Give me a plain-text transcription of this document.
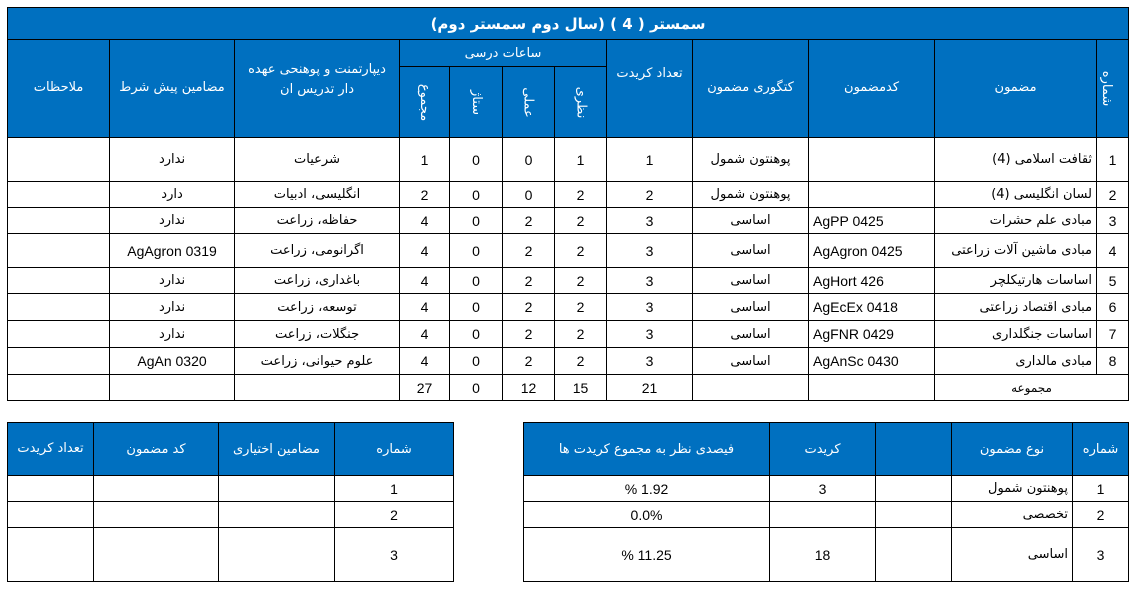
سمستر ( 4 ) (سال دوم سمستر دوم)											
شماره	مضمون	کدمضمون	کتگوری مضمون	تعداد کریدت	ساعات درسی				دیپارتمنت و پوهنحی عهده دار تدریس ان	مضامین پیش شرط	ملاحظات
					نظری	عملی	ستاژ	مجموع			
1	ثقافت اسلامی (4)		پوهنتون شمول	1	1	0	0	1	شرعیات	ندارد	
2	لسان انگلیسی (4)		پوهنتون شمول	2	2	0	0	2	انگلیسی، ادبیات	دارد	
3	مبادی علم حشرات	AgPP 0425	اساسی	3	2	2	0	4	حفاظه، زراعت	ندارد	
4	مبادی ماشین آلات زراعتی	AgAgron 0425	اساسی	3	2	2	0	4	اگرانومی، زراعت	AgAgron 0319	
5	اساسات هارتیکلچر	AgHort 426	اساسی	3	2	2	0	4	باغداری، زراعت	ندارد	
6	مبادی اقتصاد زراعتی	AgEcEx 0418	اساسی	3	2	2	0	4	توسعه، زراعت	ندارد	
7	اساسات جنگلداری	AgFNR 0429	اساسی	3	2	2	0	4	جنگلات، زراعت	ندارد	
8	مبادی مالداری	AgAnSc 0430	اساسی	3	2	2	0	4	علوم حیوانی، زراعت	AgAn 0320	
مجموعه				21	15	12	0	27			
شماره	نوع مضمون		کریدت	فیصدی نظر به مجموع کریدت ها
1	پوهنتون شمول		3	1.92 %
2	تخصصی			0.0%
3	اساسی		18	11.25 %
شماره	مضامین اختیاری	کد مضمون	تعداد کریدت
1			
2			
3			
